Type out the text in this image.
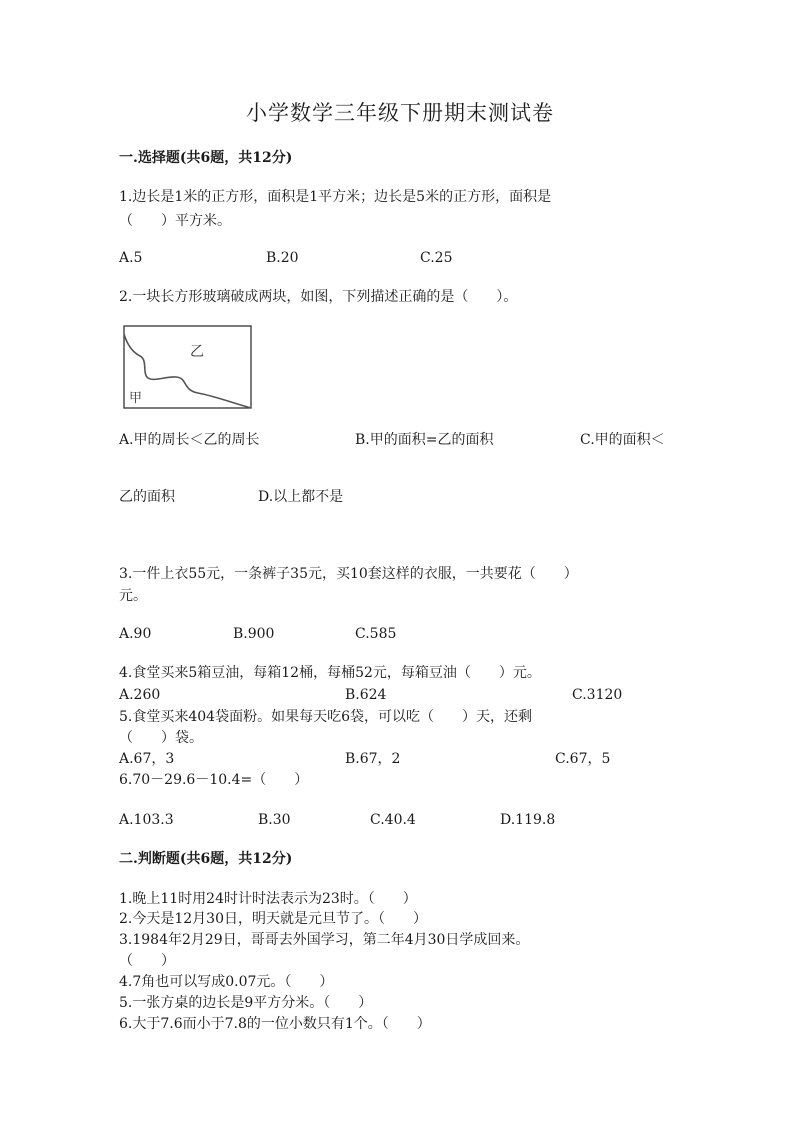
小学数学三年级下册期末测试卷
一.选择题(共6题，共12分)
1.边长是1米的正方形，面积是1平方米；边长是5米的正方形，面积是
（　　）平方米。
A.5	B.20	C.25
2.一块长方形玻璃破成两块，如图，下列描述正确的是（　　）。
乙
甲
A.甲的周长＜乙的周长	B.甲的面积=乙的面积	C.甲的面积＜
乙的面积	D.以上都不是
3.一件上衣55元，一条裤子35元，买10套这样的衣服，一共要花（　　）
元。
A.90	B.900	C.585
4.食堂买来5箱豆油，每箱12桶，每桶52元，每箱豆油（　　）元。
A.260	B.624	C.3120
5.食堂买来404袋面粉。如果每天吃6袋，可以吃（　　）天，还剩
（　　）袋。
A.67，3	B.67，2	C.67，5
6.70－29.6－10.4=（　　）
A.103.3	B.30	C.40.4	D.119.8
二.判断题(共6题，共12分)
1.晚上11时用24时计时法表示为23时。（　　）
2.今天是12月30日，明天就是元旦节了。（　　）
3.1984年2月29日，哥哥去外国学习，第二年4月30日学成回来。
（　　）
4.7角也可以写成0.07元。（　　）
5.一张方桌的边长是9平方分米。（　　）
6.大于7.6而小于7.8的一位小数只有1个。（　　）
